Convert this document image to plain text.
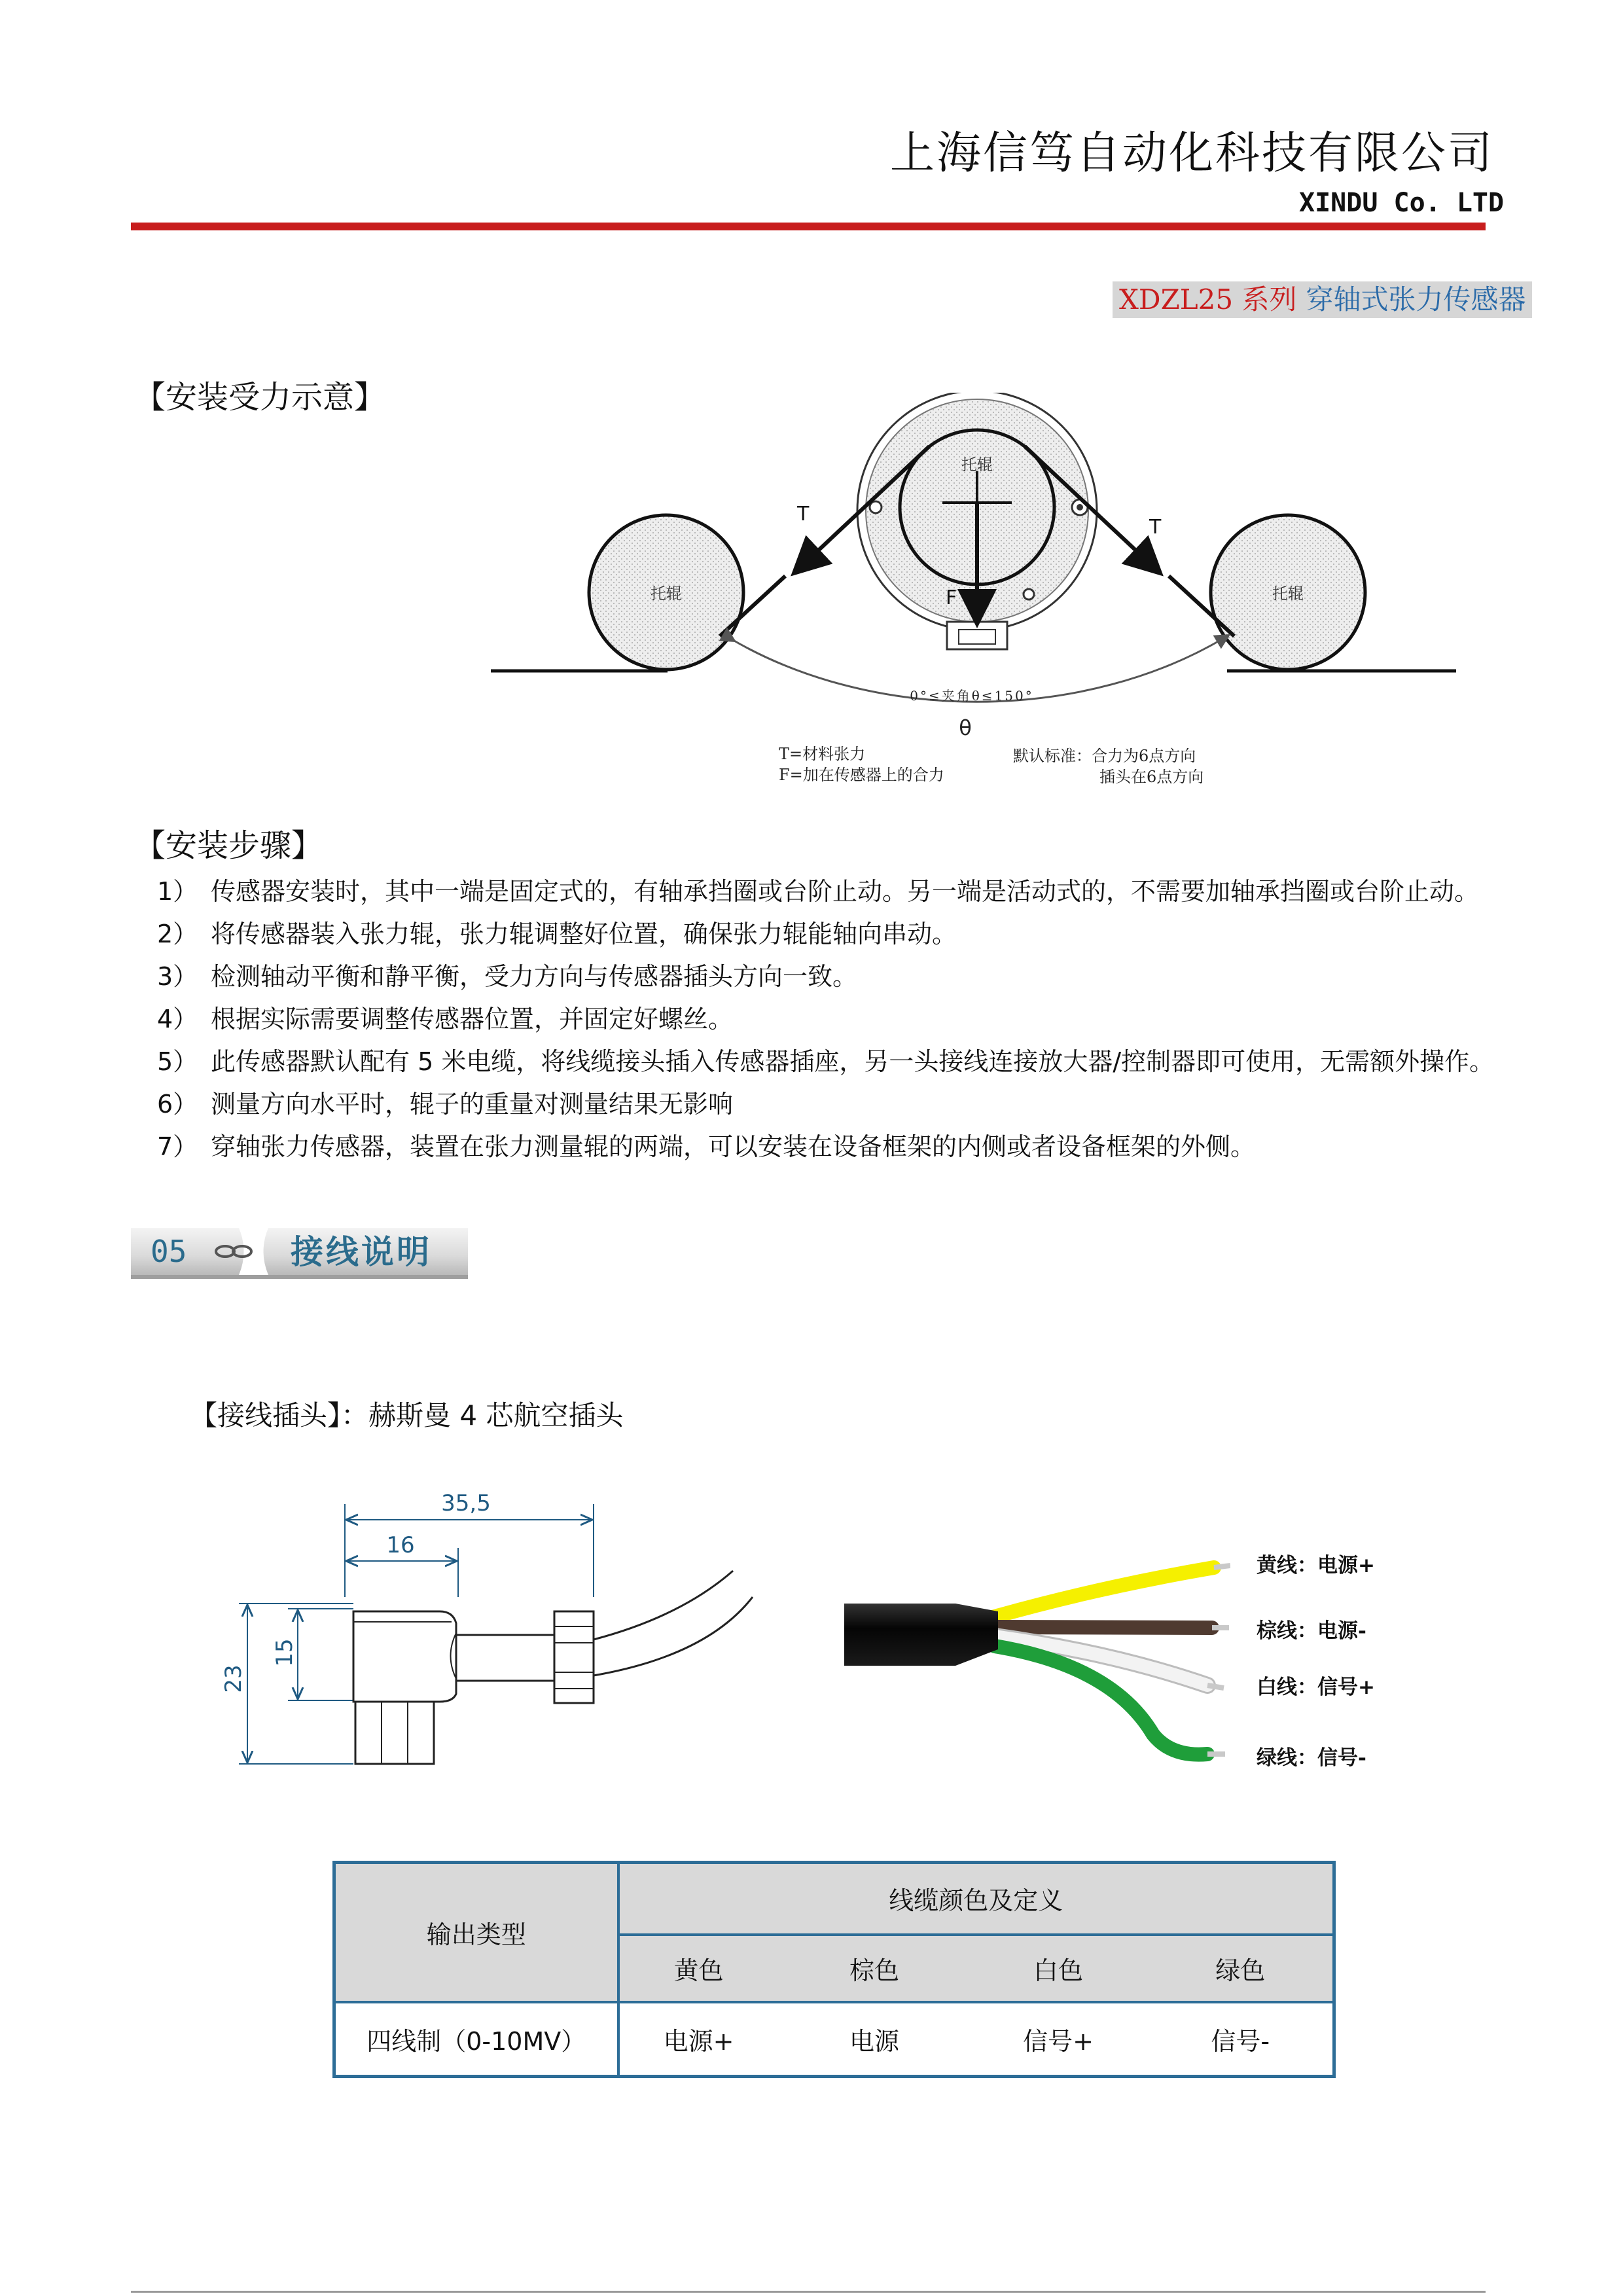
上海信笃自动化科技有限公司
XINDU Co. LTD
XDZL25 系列 穿轴式张力传感器
【安装受力示意】
托辊	托辊
托辊
T
T
F
0°≤夹角θ≤150°
θ
T=材料张力
F=加在传感器上的合力
默认标准：合力为6点方向
插头在6点方向
【安装步骤】
1） 传感器安装时，其中一端是固定式的，有轴承挡圈或台阶止动。另一端是活动式的，不需要加轴承挡圈或台阶止动。
2） 将传感器装入张力辊，张力辊调整好位置，确保张力辊能轴向串动。
3） 检测轴动平衡和静平衡，受力方向与传感器插头方向一致。
4） 根据实际需要调整传感器位置，并固定好螺丝。
5） 此传感器默认配有 5 米电缆，将线缆接头插入传感器插座，另一头接线连接放大器/控制器即可使用，无需额外操作。
6） 测量方向水平时，辊子的重量对测量结果无影响
7） 穿轴张力传感器，装置在张力测量辊的两端，可以安装在设备框架的内侧或者设备框架的外侧。
05	接线说明
【接线插头】：赫斯曼 4 芯航空插头
35,5
16
23
15
黄线：电源+
棕线：电源-
白线：信号+
绿线：信号-
输出类型	线缆颜色及定义			
	黄色	棕色	白色	绿色
四线制（0-10MV）	电源+	电源	信号+	信号-
